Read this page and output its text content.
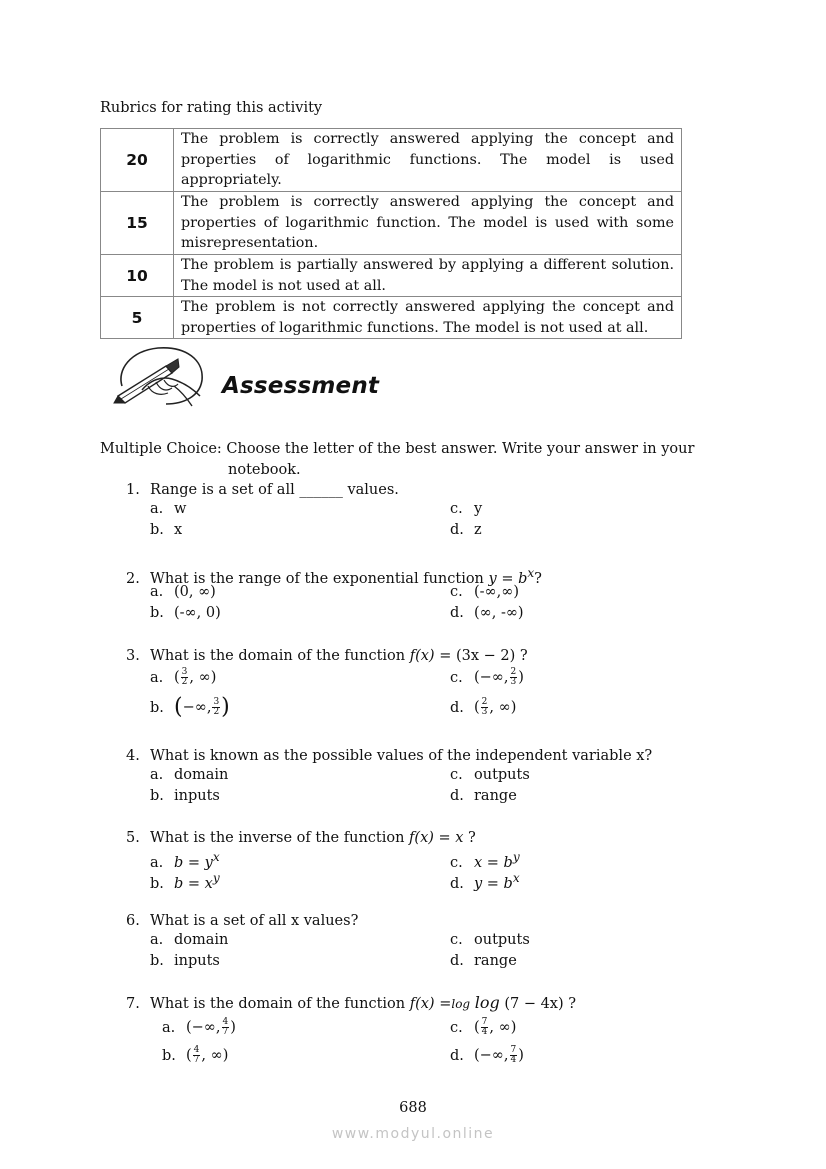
Rubrics for rating this activity
20	The problem is correctly answered applying the concept and properties of logarithmic functions. The model is used appropriately.
15	The problem is correctly answered applying the concept and properties of logarithmic function. The model is used with some misrepresentation.
10	The problem is partially answered by applying a different solution. The model is not used at all.
5	The problem is not correctly answered applying the concept and properties of logarithmic functions. The model is not used at all.
Assessment
Multiple Choice: Choose the letter of the best answer. Write your answer in your
notebook.
1. Range is a set of all ______ values.
a. w
b. x
c. y
d. z
2. What is the range of the exponential function $y = b^x$?
a. (0, ∞)
b. (-∞, 0)
c. (-∞,∞)
d. (∞, -∞)
3. What is the domain of the function f(x) = (3x − 2) ?
a. ( $\frac{3}{2}$ , ∞)
b. (−∞, $\frac{3}{2}$ )
c. (−∞, $\frac{2}{3}$ )
d. ( $\frac{2}{3}$ , ∞)
4. What is known as the possible values of the independent variable x?
a. domain
b. inputs
c. outputs
d. range
5. What is the inverse of the function f(x) = x ?
a. $b = y^x$
b. $b = x^y$
c. $x = b^y$
d. $y = b^x$
6. What is a set of all x values?
a. domain
b. inputs
c. outputs
d. range
7. What is the domain of the function f(x) =log log (7 − 4x) ?
a. (−∞, $\frac{4}{7}$ )
b. ( $\frac{4}{7}$ , ∞)
c. ( $\frac{7}{4}$ , ∞)
d. (−∞, $\frac{7}{4}$ )
688
www.modyul.online
